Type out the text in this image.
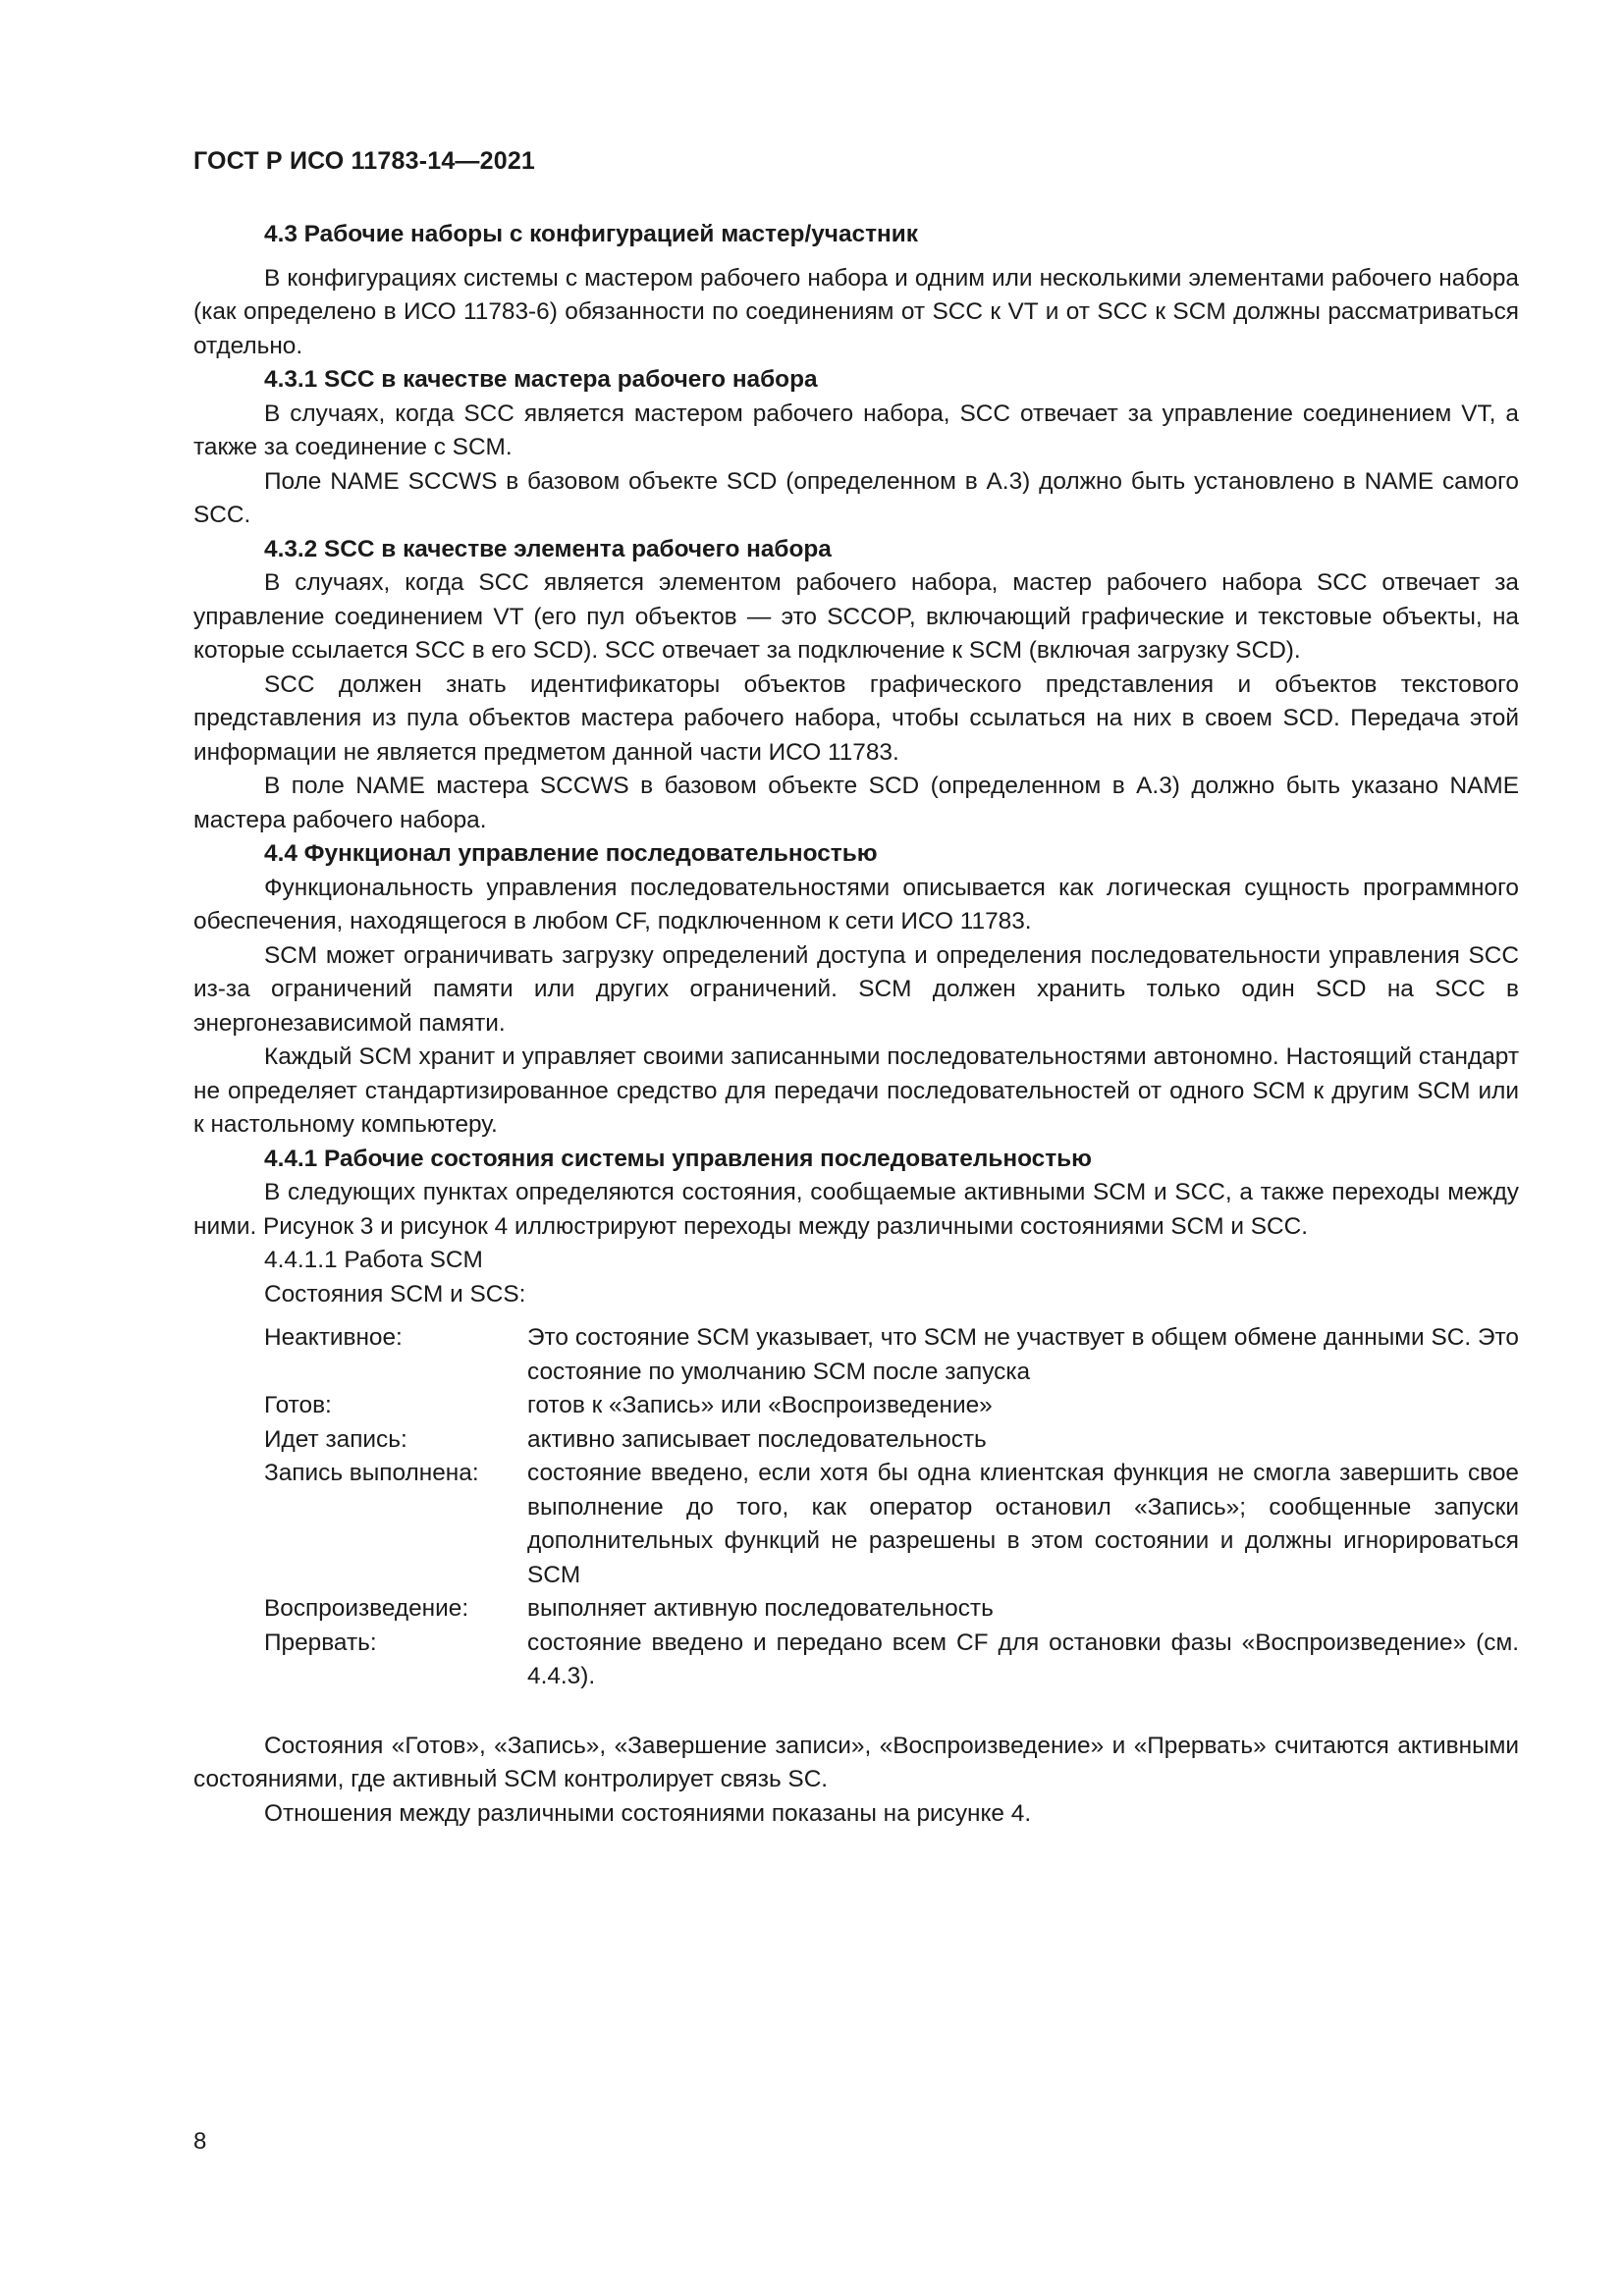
ГОСТ Р ИСО 11783-14—2021

4.3 Рабочие наборы с конфигурацией мастер/участник

В конфигурациях системы с мастером рабочего набора и одним или несколькими элементами рабочего набора (как определено в ИСО 11783-6) обязанности по соединениям от SCC к VT и от SCC к SCM должны рассматриваться отдельно.

4.3.1 SCC в качестве мастера рабочего набора

В случаях, когда SCC является мастером рабочего набора, SCC отвечает за управление соединением VT, а также за соединение с SCM.

Поле NAME SCCWS в базовом объекте SCD (определенном в А.3) должно быть установлено в NAME самого SCC.

4.3.2 SCC в качестве элемента рабочего набора

В случаях, когда SCC является элементом рабочего набора, мастер рабочего набора SCC отвечает за управление соединением VT (его пул объектов — это SCCOP, включающий графические и текстовые объекты, на которые ссылается SCC в его SCD). SCC отвечает за подключение к SCM (включая загрузку SCD).

SCC должен знать идентификаторы объектов графического представления и объектов текстового представления из пула объектов мастера рабочего набора, чтобы ссылаться на них в своем SCD. Передача этой информации не является предметом данной части ИСО 11783.

В поле NAME мастера SCCWS в базовом объекте SCD (определенном в А.3) должно быть указано NAME мастера рабочего набора.

4.4 Функционал управление последовательностью

Функциональность управления последовательностями описывается как логическая сущность программного обеспечения, находящегося в любом CF, подключенном к сети ИСО 11783.

SCM может ограничивать загрузку определений доступа и определения последовательности управления SCC из-за ограничений памяти или других ограничений. SCM должен хранить только один SCD на SCC в энергонезависимой памяти.

Каждый SCM хранит и управляет своими записанными последовательностями автономно. Настоящий стандарт не определяет стандартизированное средство для передачи последовательностей от одного SCM к другим SCM или к настольному компьютеру.

4.4.1 Рабочие состояния системы управления последовательностью

В следующих пунктах определяются состояния, сообщаемые активными SCM и SCC, а также переходы между ними. Рисунок 3 и рисунок 4 иллюстрируют переходы между различными состояниями SCM и SCC.

4.4.1.1 Работа SCM

Состояния SCM и SCS:

Неактивное:	Это состояние SCM указывает, что SCM не участвует в общем обмене данными SC. Это состояние по умолчанию SCM после запуска
Готов:	готов к «Запись» или «Воспроизведение»
Идет запись:	активно записывает последовательность
Запись выполнена:	состояние введено, если хотя бы одна клиентская функция не смогла завершить свое выполнение до того, как оператор остановил «Запись»; сообщенные запуски дополнительных функций не разрешены в этом состоянии и должны игнорироваться SCM
Воспроизведение:	выполняет активную последовательность
Прервать:	состояние введено и передано всем CF для остановки фазы «Воспроизведение» (см. 4.4.3).

Состояния «Готов», «Запись», «Завершение записи», «Воспроизведение» и «Прервать» считаются активными состояниями, где активный SCM контролирует связь SC.

Отношения между различными состояниями показаны на рисунке 4.

8
